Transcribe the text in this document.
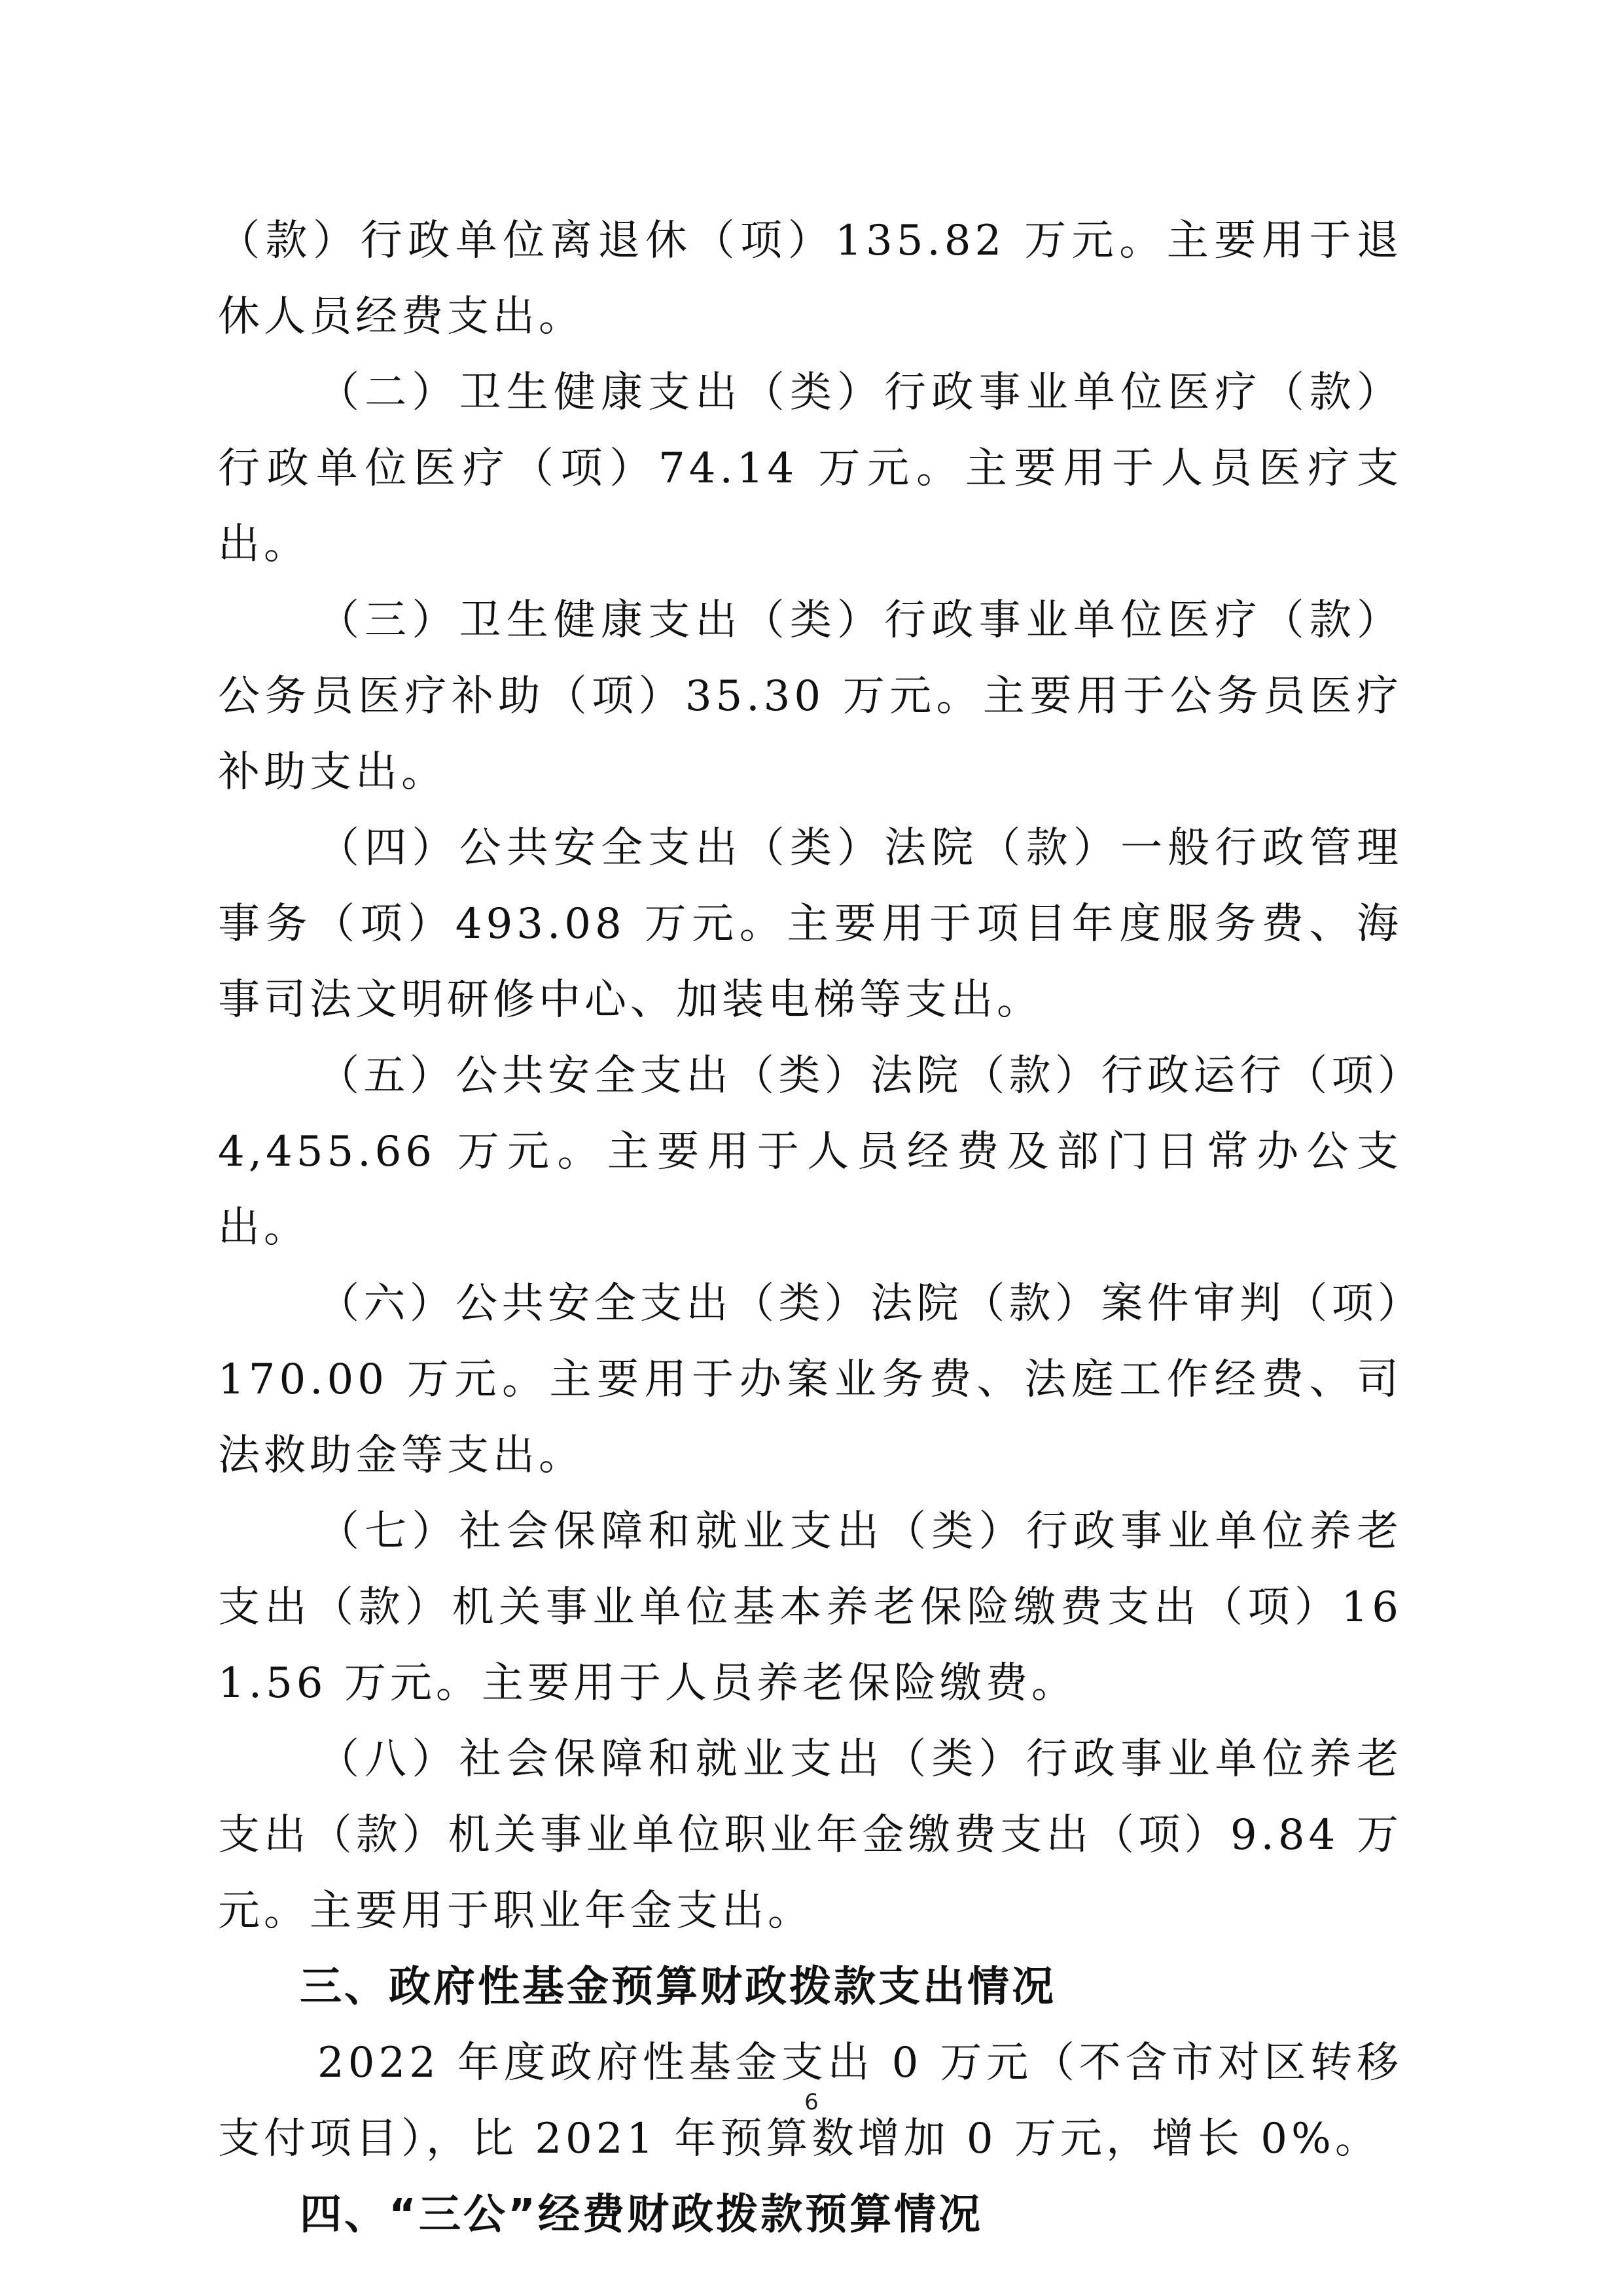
（款）行政单位离退休（项）135.82 万元。主要用于退休人员经费支出。

（二）卫生健康支出（类）行政事业单位医疗（款）行政单位医疗（项）74.14 万元。主要用于人员医疗支出。

（三）卫生健康支出（类）行政事业单位医疗（款）公务员医疗补助（项）35.30 万元。主要用于公务员医疗补助支出。

（四）公共安全支出（类）法院（款）一般行政管理事务（项）493.08 万元。主要用于项目年度服务费、海事司法文明研修中心、加装电梯等支出。

（五）公共安全支出（类）法院（款）行政运行（项）4,455.66 万元。主要用于人员经费及部门日常办公支出。

（六）公共安全支出（类）法院（款）案件审判（项）170.00 万元。主要用于办案业务费、法庭工作经费、司法救助金等支出。

（七）社会保障和就业支出（类）行政事业单位养老支出（款）机关事业单位基本养老保险缴费支出（项）161.56 万元。主要用于人员养老保险缴费。

（八）社会保障和就业支出（类）行政事业单位养老支出（款）机关事业单位职业年金缴费支出（项）9.84 万元。主要用于职业年金支出。

三、政府性基金预算财政拨款支出情况

2022 年度政府性基金支出 0 万元（不含市对区转移支付项目），比 2021 年预算数增加 0 万元，增长 0%。

四、“三公”经费财政拨款预算情况
6
